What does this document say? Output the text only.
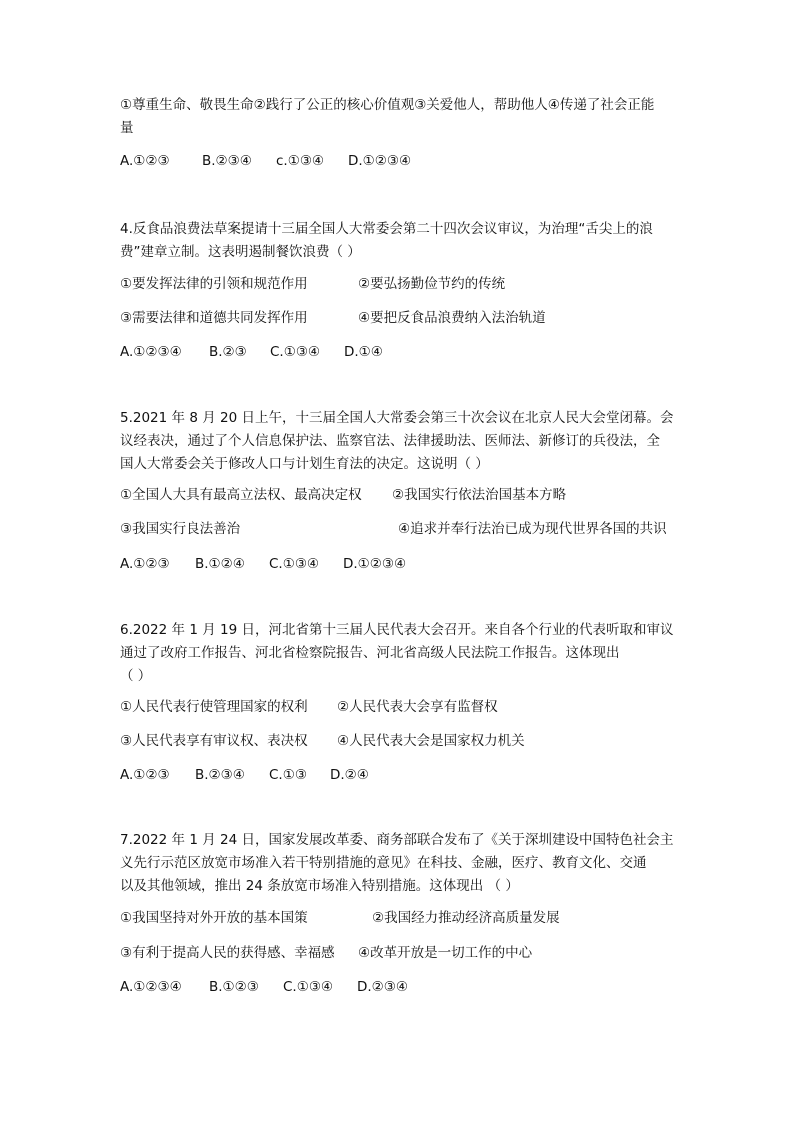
①尊重生命、敬畏生命②践行了公正的核心价值观③关爱他人，帮助他人④传递了社会正能
量
A.①②③ B.②③④ c.①③④ D.①②③④
4.反食品浪费法草案提请十三届全国人大常委会第二十四次会议审议，为治理“舌尖上的浪
费”建章立制。这表明遏制餐饮浪费（ ）
①要发挥法律的引领和规范作用	②要弘扬勤俭节约的传统
③需要法律和道德共同发挥作用	④要把反食品浪费纳入法治轨道
A.①②③④ B.②③ C.①③④ D.①④
5.2021 年 8 月 20 日上午，十三届全国人大常委会第三十次会议在北京人民大会堂闭幕。会
议经表决，通过了个人信息保护法、监察官法、法律援助法、医师法、新修订的兵役法，全
国人大常委会关于修改人口与计划生育法的决定。这说明（ ）
①全国人大具有最高立法权、最高决定权 ②我国实行依法治国基本方略
③我国实行良法善治	④追求并奉行法治已成为现代世界各国的共识
A.①②③ B.①②④ C.①③④ D.①②③④
6.2022 年 1 月 19 日，河北省第十三届人民代表大会召开。来自各个行业的代表听取和审议
通过了改府工作报告、河北省检察院报告、河北省高级人民法院工作报告。这体现出
（ ）
①人民代表行使管理国家的权利 ②人民代表大会享有监督权
③人民代表享有审议权、表决权 ④人民代表大会是国家权力机关
A.①②③ B.②③④ C.①③ D.②④
7.2022 年 1 月 24 日，国家发展改革委、商务部联合发布了《关于深圳建设中国特色社会主
义先行示范区放宽市场准入若干特别措施的意见》在科技、金融，医疗、教育文化、交通
以及其他领域，推出 24 条放宽市场准入特别措施。这体现出 （ ）
①我国坚持对外开放的基本国策	②我国经力推动经济高质量发展
③有利于提高人民的获得感、幸福感 ④改革开放是一切工作的中心
A.①②③④ B.①②③ C.①③④ D.②③④
